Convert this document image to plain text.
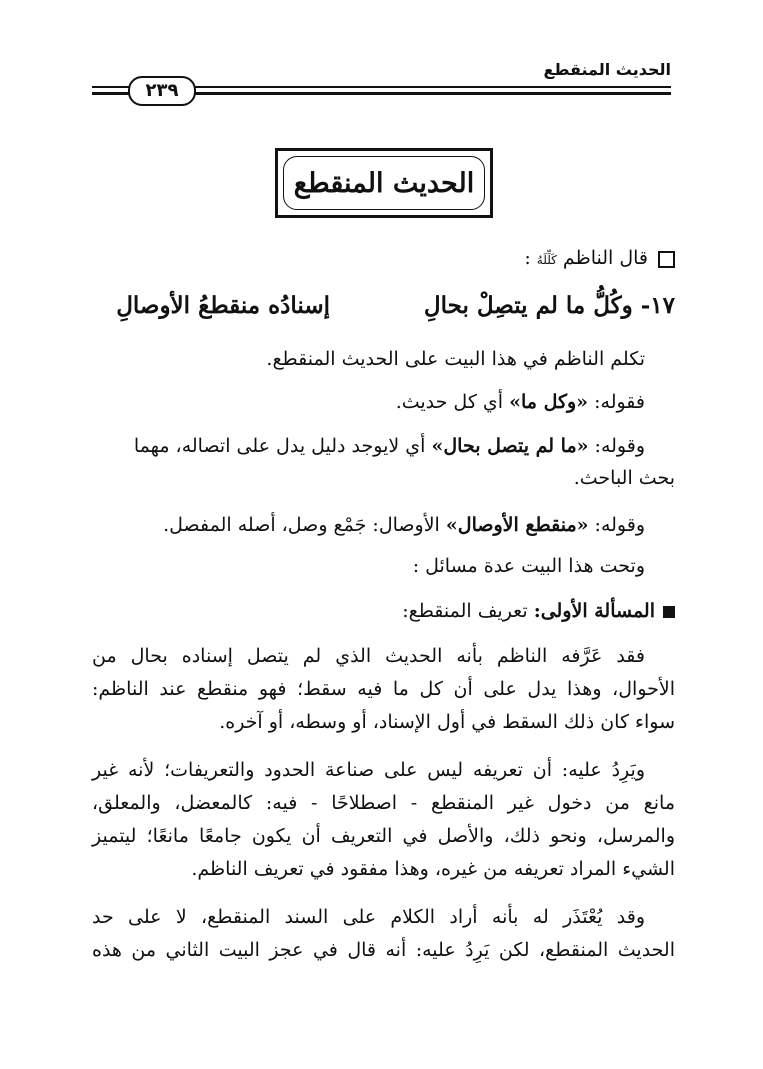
الحديث المنقطع
٢٣٩
الحديث المنقطع
قال الناظم كَلِّلَهُ :
١٧- وكُلُّ ما لم يتصِلْ بحالِ
إسنادُه منقطعُ الأوصالِ
تكلم الناظم في هذا البيت على الحديث المنقطع.
فقوله: «وكل ما» أي كل حديث.
وقوله: «ما لم يتصل بحال» أي لايوجد دليل يدل على اتصاله، مهما
بحث الباحث.
وقوله: «منقطع الأوصال» الأوصال: جَمْع وصل، أصله المفصل.
وتحت هذا البيت عدة مسائل :
المسألة الأولى: تعريف المنقطع:
فقد عَرَّفه الناظم بأنه الحديث الذي لم يتصل إسناده بحال من
الأحوال، وهذا يدل على أن كل ما فيه سقط؛ فهو منقطع عند الناظم:
سواء كان ذلك السقط في أول الإسناد، أو وسطه، أو آخره.
ويَرِدُ عليه: أن تعريفه ليس على صناعة الحدود والتعريفات؛ لأنه غير
مانع من دخول غير المنقطع - اصطلاحًا - فيه: كالمعضل، والمعلق،
والمرسل، ونحو ذلك، والأصل في التعريف أن يكون جامعًا مانعًا؛ ليتميز
الشيء المراد تعريفه من غيره، وهذا مفقود في تعريف الناظم.
وقد يُعْتَذَر له بأنه أراد الكلام على السند المنقطع، لا على حد
الحديث المنقطع، لكن يَرِدُ عليه: أنه قال في عجز البيت الثاني من هذه
